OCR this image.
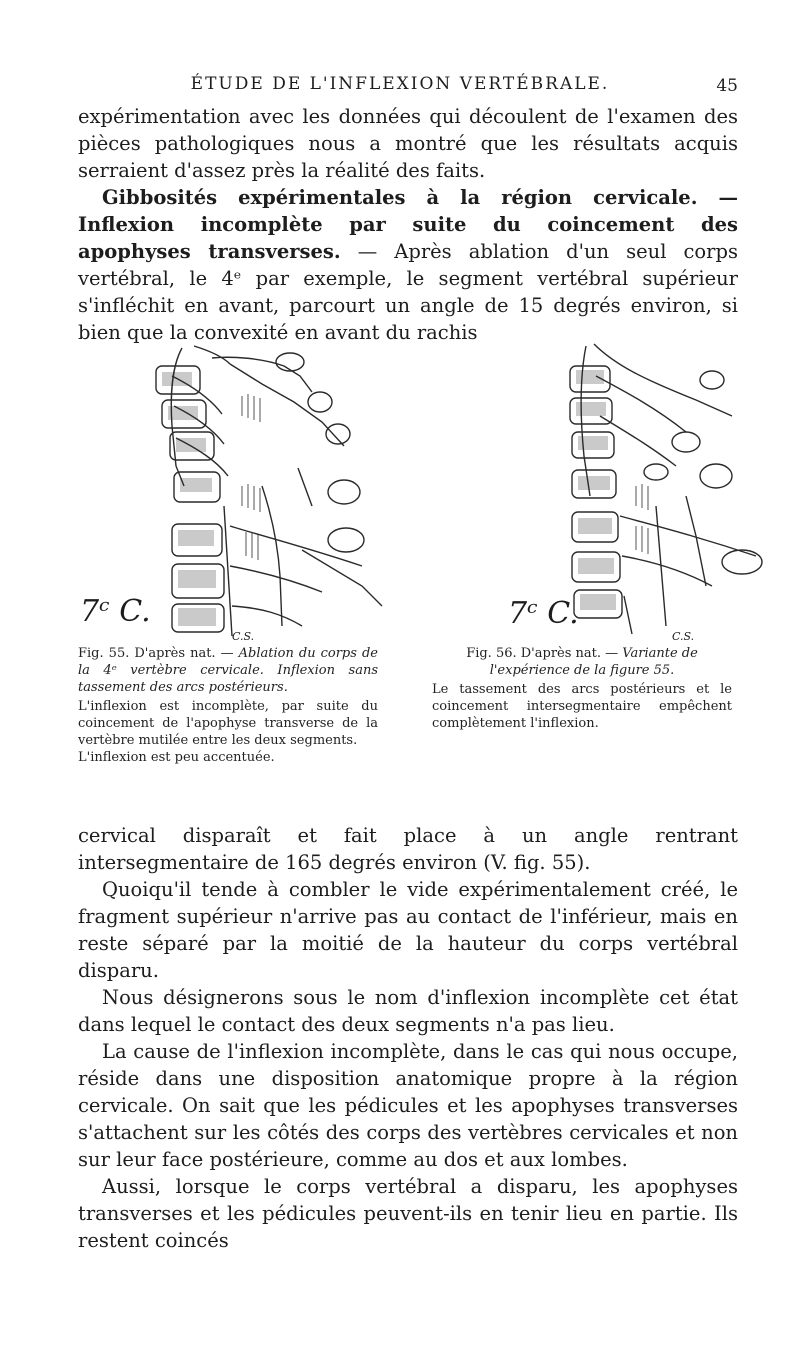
ÉTUDE DE L'INFLEXION VERTÉBRALE.	45

expérimentation avec les données qui découlent de l'examen des pièces pathologiques nous a montré que les résultats acquis serraient d'assez près la réalité des faits.

Gibbosités expérimentales à la région cervicale. — Inflexion incomplète par suite du coincement des apophyses transverses. — Après ablation d'un seul corps vertébral, le 4ᵉ par exemple, le segment vertébral supérieur s'infléchit en avant, parcourt un angle de 15 degrés environ, si bien que la convexité en avant du rachis

7ᶜ C.
C.S.
7ᶜ C.
C.S.

Fig. 55. D'après nat. — Ablation du corps de la 4ᵉ vertèbre cervicale. Inflexion sans tassement des arcs postérieurs.

L'inflexion est incomplète, par suite du coincement de l'apophyse transverse de la vertèbre mutilée entre les deux segments.

L'inflexion est peu accentuée.

Fig. 56. D'après nat. — Variante de l'expérience de la figure 55.

Le tassement des arcs postérieurs et le coincement intersegmentaire empêchent complètement l'inflexion.

cervical disparaît et fait place à un angle rentrant intersegmentaire de 165 degrés environ (V. fig. 55).

Quoiqu'il tende à combler le vide expérimentalement créé, le fragment supérieur n'arrive pas au contact de l'inférieur, mais en reste séparé par la moitié de la hauteur du corps vertébral disparu.

Nous désignerons sous le nom d'inflexion incomplète cet état dans lequel le contact des deux segments n'a pas lieu.

La cause de l'inflexion incomplète, dans le cas qui nous occupe, réside dans une disposition anatomique propre à la région cervicale. On sait que les pédicules et les apophyses transverses s'attachent sur les côtés des corps des vertèbres cervicales et non sur leur face postérieure, comme au dos et aux lombes.

Aussi, lorsque le corps vertébral a disparu, les apophyses transverses et les pédicules peuvent-ils en tenir lieu en partie. Ils restent coincés
